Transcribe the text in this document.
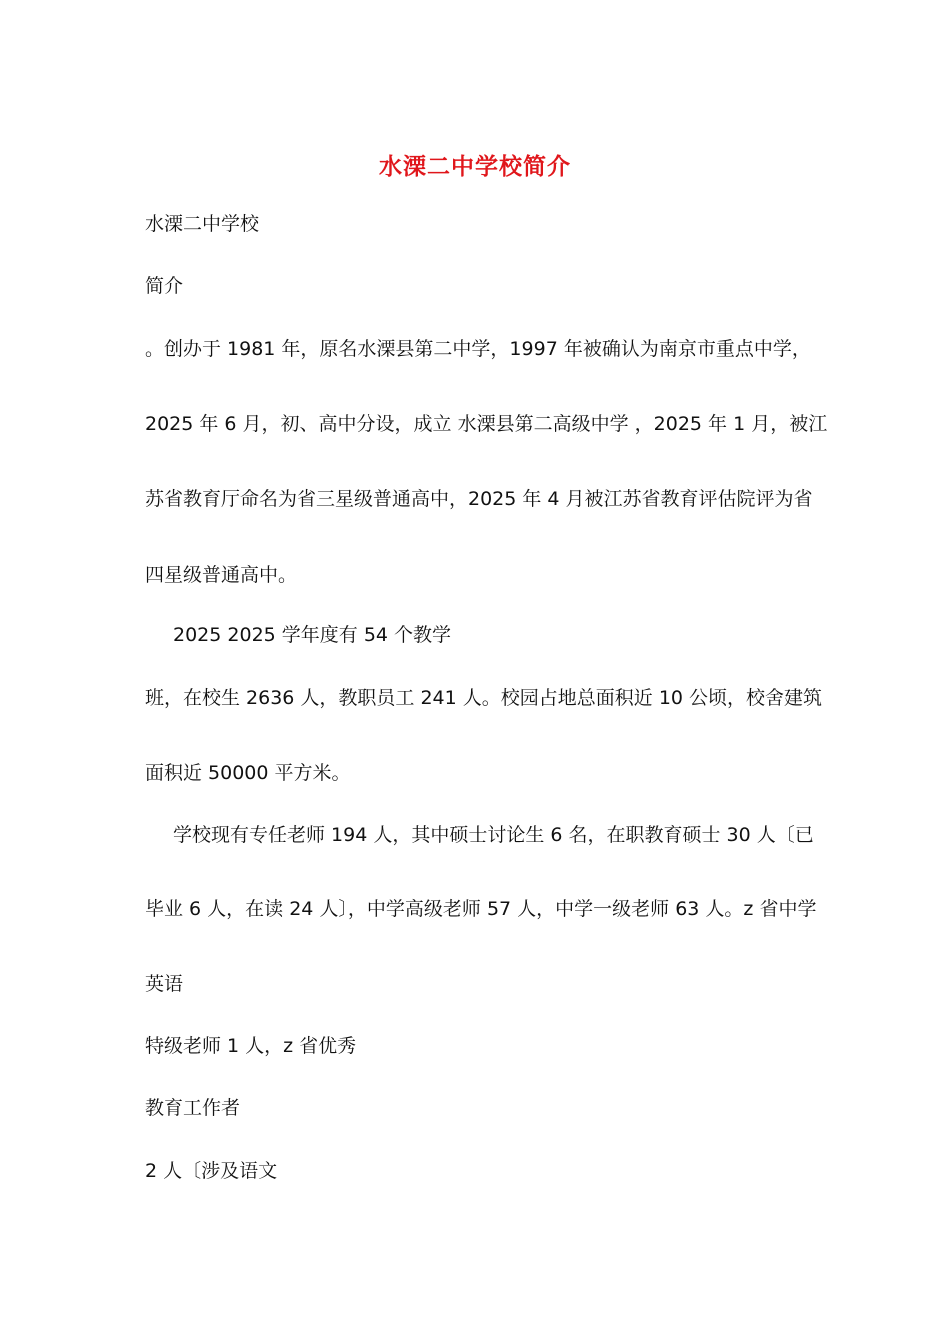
水溧二中学校简介
水溧二中学校
简介
。创办于 1981 年，原名水溧县第二中学，1997 年被确认为南京市重点中学，
2025 年 6 月，初、高中分设，成立 水溧县第二高级中学 ，2025 年 1 月，被江
苏省教育厅命名为省三星级普通高中，2025 年 4 月被江苏省教育评估院评为省
四星级普通高中。
2025 2025 学年度有 54 个教学
班，在校生 2636 人，教职员工 241 人。校园占地总面积近 10 公顷，校舍建筑
面积近 50000 平方米。
学校现有专任老师 194 人，其中硕士讨论生 6 名，在职教育硕士 30 人〔已
毕业 6 人，在读 24 人〕，中学高级老师 57 人，中学一级老师 63 人。z 省中学
英语
特级老师 1 人，z 省优秀
教育工作者
2 人〔涉及语文
